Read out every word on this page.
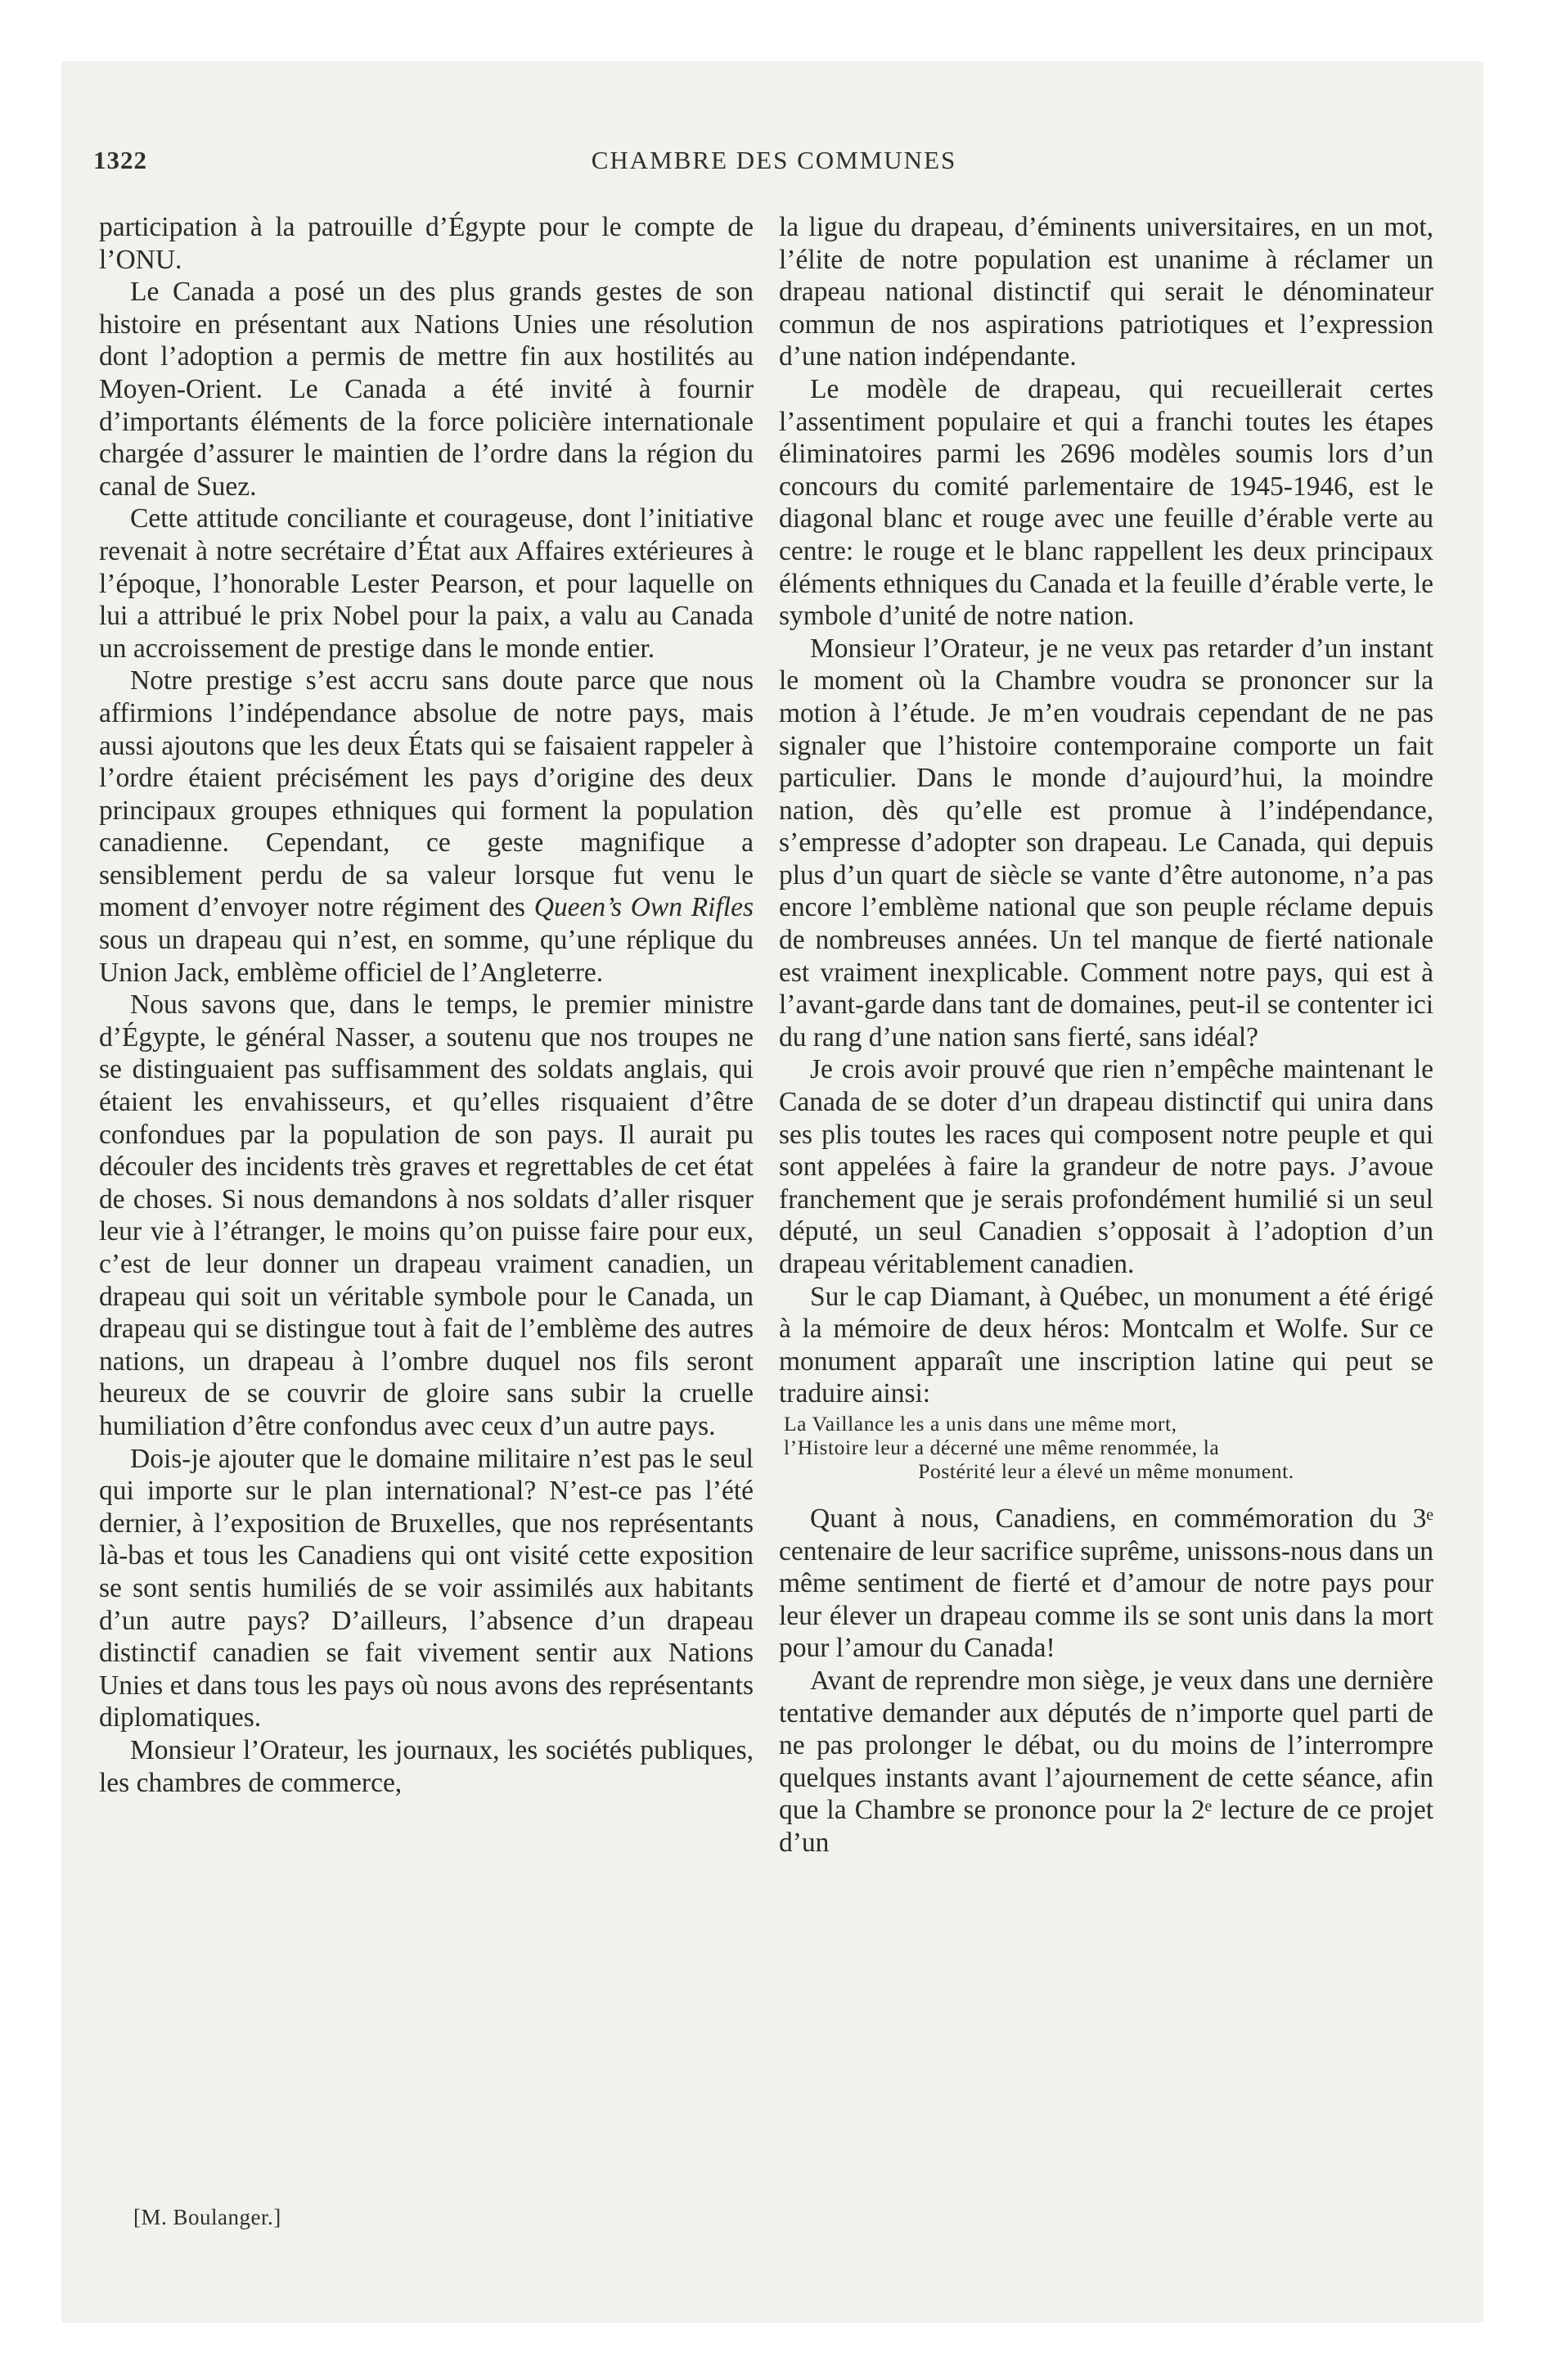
1322	CHAMBRE DES COMMUNES

participation à la patrouille d’Égypte pour le compte de l’ONU.

Le Canada a posé un des plus grands gestes de son histoire en présentant aux Nations Unies une résolution dont l’adoption a permis de mettre fin aux hostilités au Moyen-Orient. Le Canada a été invité à fournir d’importants éléments de la force policière internationale chargée d’assurer le maintien de l’ordre dans la région du canal de Suez.

Cette attitude conciliante et courageuse, dont l’initiative revenait à notre secrétaire d’État aux Affaires extérieures à l’époque, l’honorable Lester Pearson, et pour laquelle on lui a attribué le prix Nobel pour la paix, a valu au Canada un accroissement de prestige dans le monde entier.

Notre prestige s’est accru sans doute parce que nous affirmions l’indépendance absolue de notre pays, mais aussi ajoutons que les deux États qui se faisaient rappeler à l’ordre étaient précisément les pays d’origine des deux principaux groupes ethniques qui forment la population canadienne. Cependant, ce geste magnifique a sensiblement perdu de sa valeur lorsque fut venu le moment d’envoyer notre régiment des Queen’s Own Rifles sous un drapeau qui n’est, en somme, qu’une réplique du Union Jack, emblème officiel de l’Angleterre.

Nous savons que, dans le temps, le premier ministre d’Égypte, le général Nasser, a soutenu que nos troupes ne se distinguaient pas suffisamment des soldats anglais, qui étaient les envahisseurs, et qu’elles risquaient d’être confondues par la population de son pays. Il aurait pu découler des incidents très graves et regrettables de cet état de choses. Si nous demandons à nos soldats d’aller risquer leur vie à l’étranger, le moins qu’on puisse faire pour eux, c’est de leur donner un drapeau vraiment canadien, un drapeau qui soit un véritable symbole pour le Canada, un drapeau qui se distingue tout à fait de l’emblème des autres nations, un drapeau à l’ombre duquel nos fils seront heureux de se couvrir de gloire sans subir la cruelle humiliation d’être confondus avec ceux d’un autre pays.

Dois-je ajouter que le domaine militaire n’est pas le seul qui importe sur le plan international? N’est-ce pas l’été dernier, à l’exposition de Bruxelles, que nos représentants là-bas et tous les Canadiens qui ont visité cette exposition se sont sentis humiliés de se voir assimilés aux habitants d’un autre pays? D’ailleurs, l’absence d’un drapeau distinctif canadien se fait vivement sentir aux Nations Unies et dans tous les pays où nous avons des représentants diplomatiques.

Monsieur l’Orateur, les journaux, les sociétés publiques, les chambres de commerce,

la ligue du drapeau, d’éminents universitaires, en un mot, l’élite de notre population est unanime à réclamer un drapeau national distinctif qui serait le dénominateur commun de nos aspirations patriotiques et l’expression d’une nation indépendante.

Le modèle de drapeau, qui recueillerait certes l’assentiment populaire et qui a franchi toutes les étapes éliminatoires parmi les 2696 modèles soumis lors d’un concours du comité parlementaire de 1945-1946, est le diagonal blanc et rouge avec une feuille d’érable verte au centre: le rouge et le blanc rappellent les deux principaux éléments ethniques du Canada et la feuille d’érable verte, le symbole d’unité de notre nation.

Monsieur l’Orateur, je ne veux pas retarder d’un instant le moment où la Chambre voudra se prononcer sur la motion à l’étude. Je m’en voudrais cependant de ne pas signaler que l’histoire contemporaine comporte un fait particulier. Dans le monde d’aujourd’hui, la moindre nation, dès qu’elle est promue à l’indépendance, s’empresse d’adopter son drapeau. Le Canada, qui depuis plus d’un quart de siècle se vante d’être autonome, n’a pas encore l’emblème national que son peuple réclame depuis de nombreuses années. Un tel manque de fierté nationale est vraiment inexplicable. Comment notre pays, qui est à l’avant-garde dans tant de domaines, peut-il se contenter ici du rang d’une nation sans fierté, sans idéal?

Je crois avoir prouvé que rien n’empêche maintenant le Canada de se doter d’un drapeau distinctif qui unira dans ses plis toutes les races qui composent notre peuple et qui sont appelées à faire la grandeur de notre pays. J’avoue franchement que je serais profondément humilié si un seul député, un seul Canadien s’opposait à l’adoption d’un drapeau véritablement canadien.

Sur le cap Diamant, à Québec, un monument a été érigé à la mémoire de deux héros: Montcalm et Wolfe. Sur ce monument apparaît une inscription latine qui peut se traduire ainsi:

La Vaillance les a unis dans une même mort,
l’Histoire leur a décerné une même renommée, la
Postérité leur a élevé un même monument.

Quant à nous, Canadiens, en commémoration du 3ᵉ centenaire de leur sacrifice suprême, unissons-nous dans un même sentiment de fierté et d’amour de notre pays pour leur élever un drapeau comme ils se sont unis dans la mort pour l’amour du Canada!

Avant de reprendre mon siège, je veux dans une dernière tentative demander aux députés de n’importe quel parti de ne pas prolonger le débat, ou du moins de l’interrompre quelques instants avant l’ajournement de cette séance, afin que la Chambre se prononce pour la 2ᵉ lecture de ce projet d’un

[M. Boulanger.]
